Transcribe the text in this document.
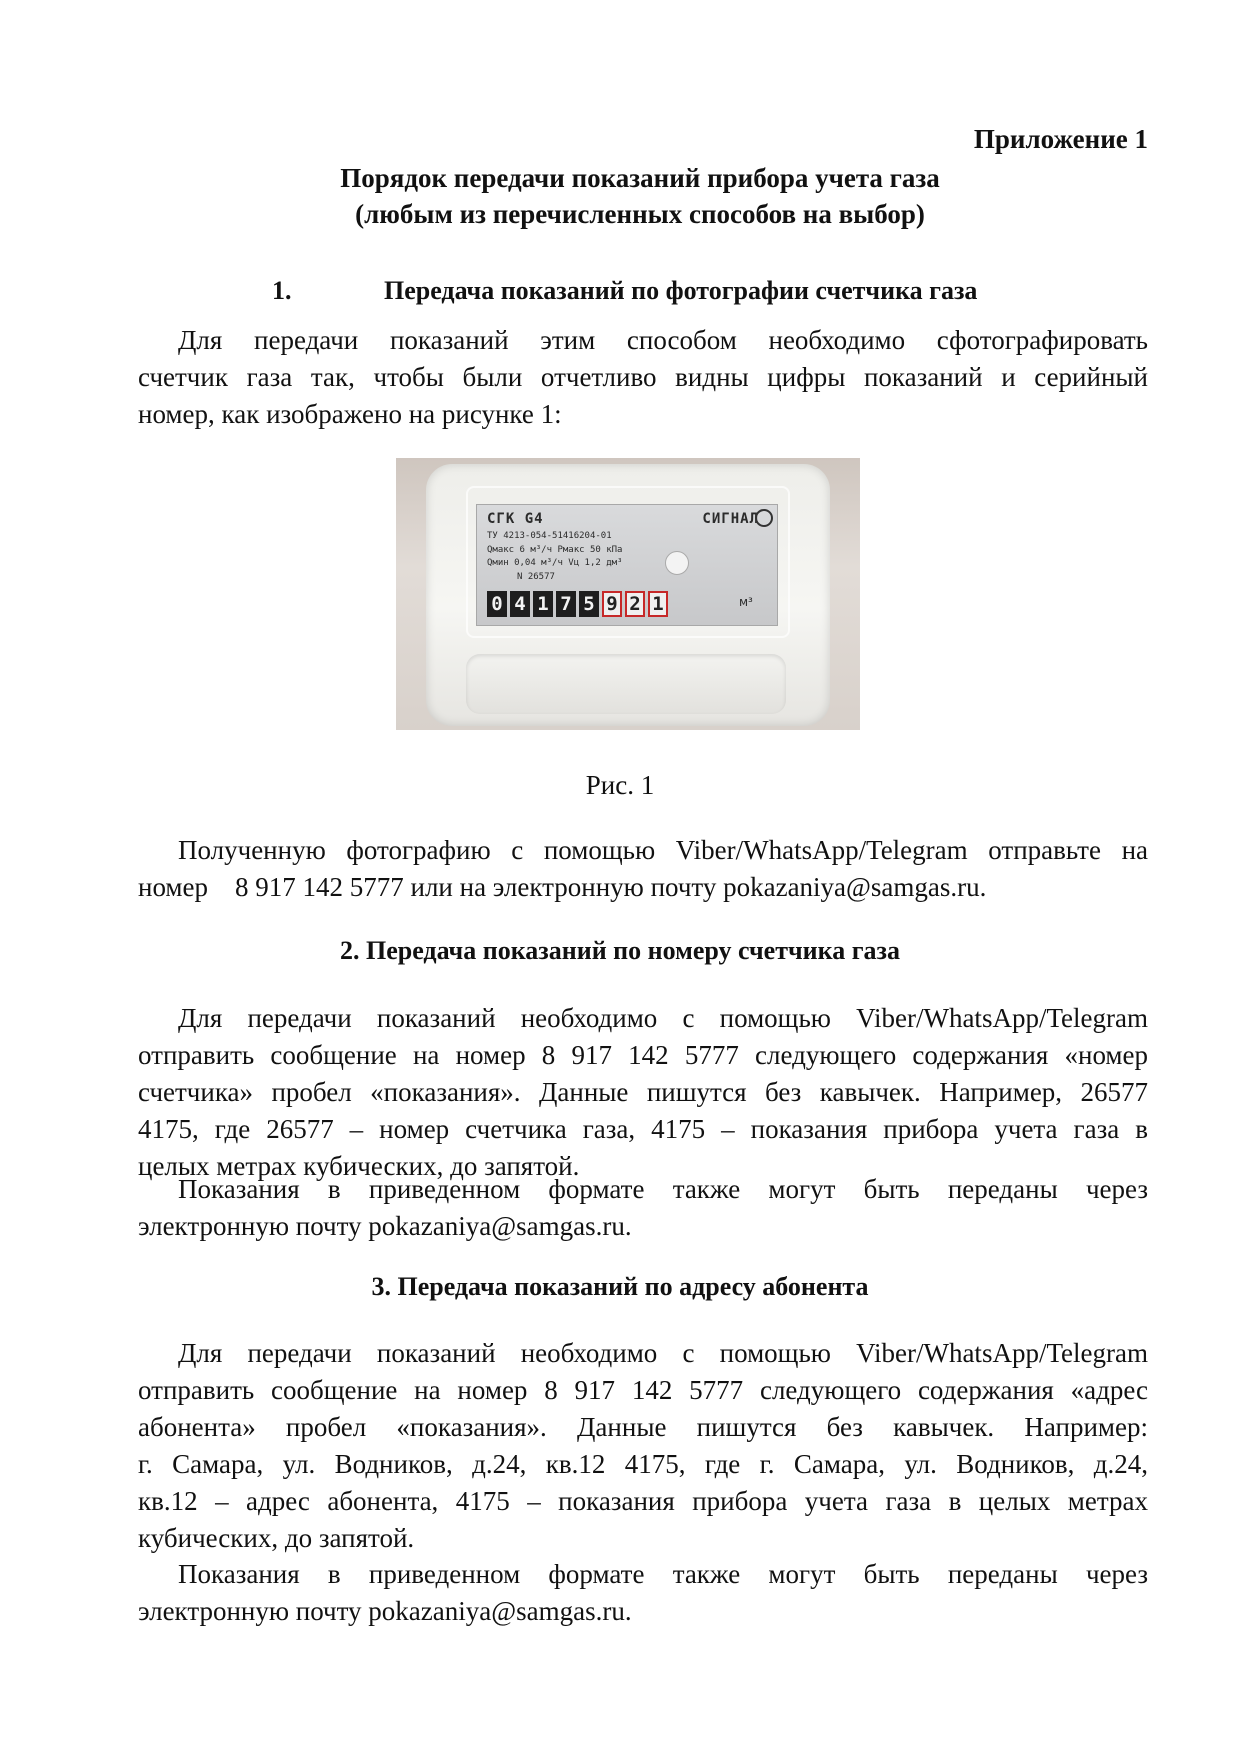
Приложение 1
Порядок передачи показаний прибора учета газа
(любым из перечисленных способов на выбор)
1.	Передача показаний по фотографии счетчика газа
Для передачи показаний этим способом необходимо сфотографировать
счетчик газа так, чтобы были отчетливо видны цифры показаний и серийный
номер, как изображено на рисунке 1:
СГК G4	СИГНАЛ
ТУ 4213-054-51416204-01
Qмакс 6 м³/ч Pмакс 50 кПа
Qмин 0,04 м³/ч Vц 1,2 дм³
N 26577
0 4 1 7 5 9 2 1	м³
Рис. 1
Полученную фотографию с помощью Viber/WhatsApp/Telegram отправьте на
номер    8 917 142 5777 или на электронную почту pokazaniya@samgas.ru.
2. Передача показаний по номеру счетчика газа
Для передачи показаний необходимо с помощью Viber/WhatsApp/Telegram
отправить сообщение на номер 8 917 142 5777 следующего содержания «номер
счетчика» пробел «показания». Данные пишутся без кавычек. Например, 26577
4175, где 26577 – номер счетчика газа, 4175 – показания прибора учета газа в
целых метрах кубических, до запятой.
Показания в приведенном формате также могут быть переданы через
электронную почту pokazaniya@samgas.ru.
3. Передача показаний по адресу абонента
Для передачи показаний необходимо с помощью Viber/WhatsApp/Telegram
отправить сообщение на номер 8 917 142 5777 следующего содержания «адрес
абонента» пробел «показания». Данные пишутся без кавычек. Например:
г. Самара, ул. Водников, д.24, кв.12 4175, где г. Самара, ул. Водников, д.24,
кв.12 – адрес абонента, 4175 – показания прибора учета газа в целых метрах
кубических, до запятой.
Показания в приведенном формате также могут быть переданы через
электронную почту pokazaniya@samgas.ru.
